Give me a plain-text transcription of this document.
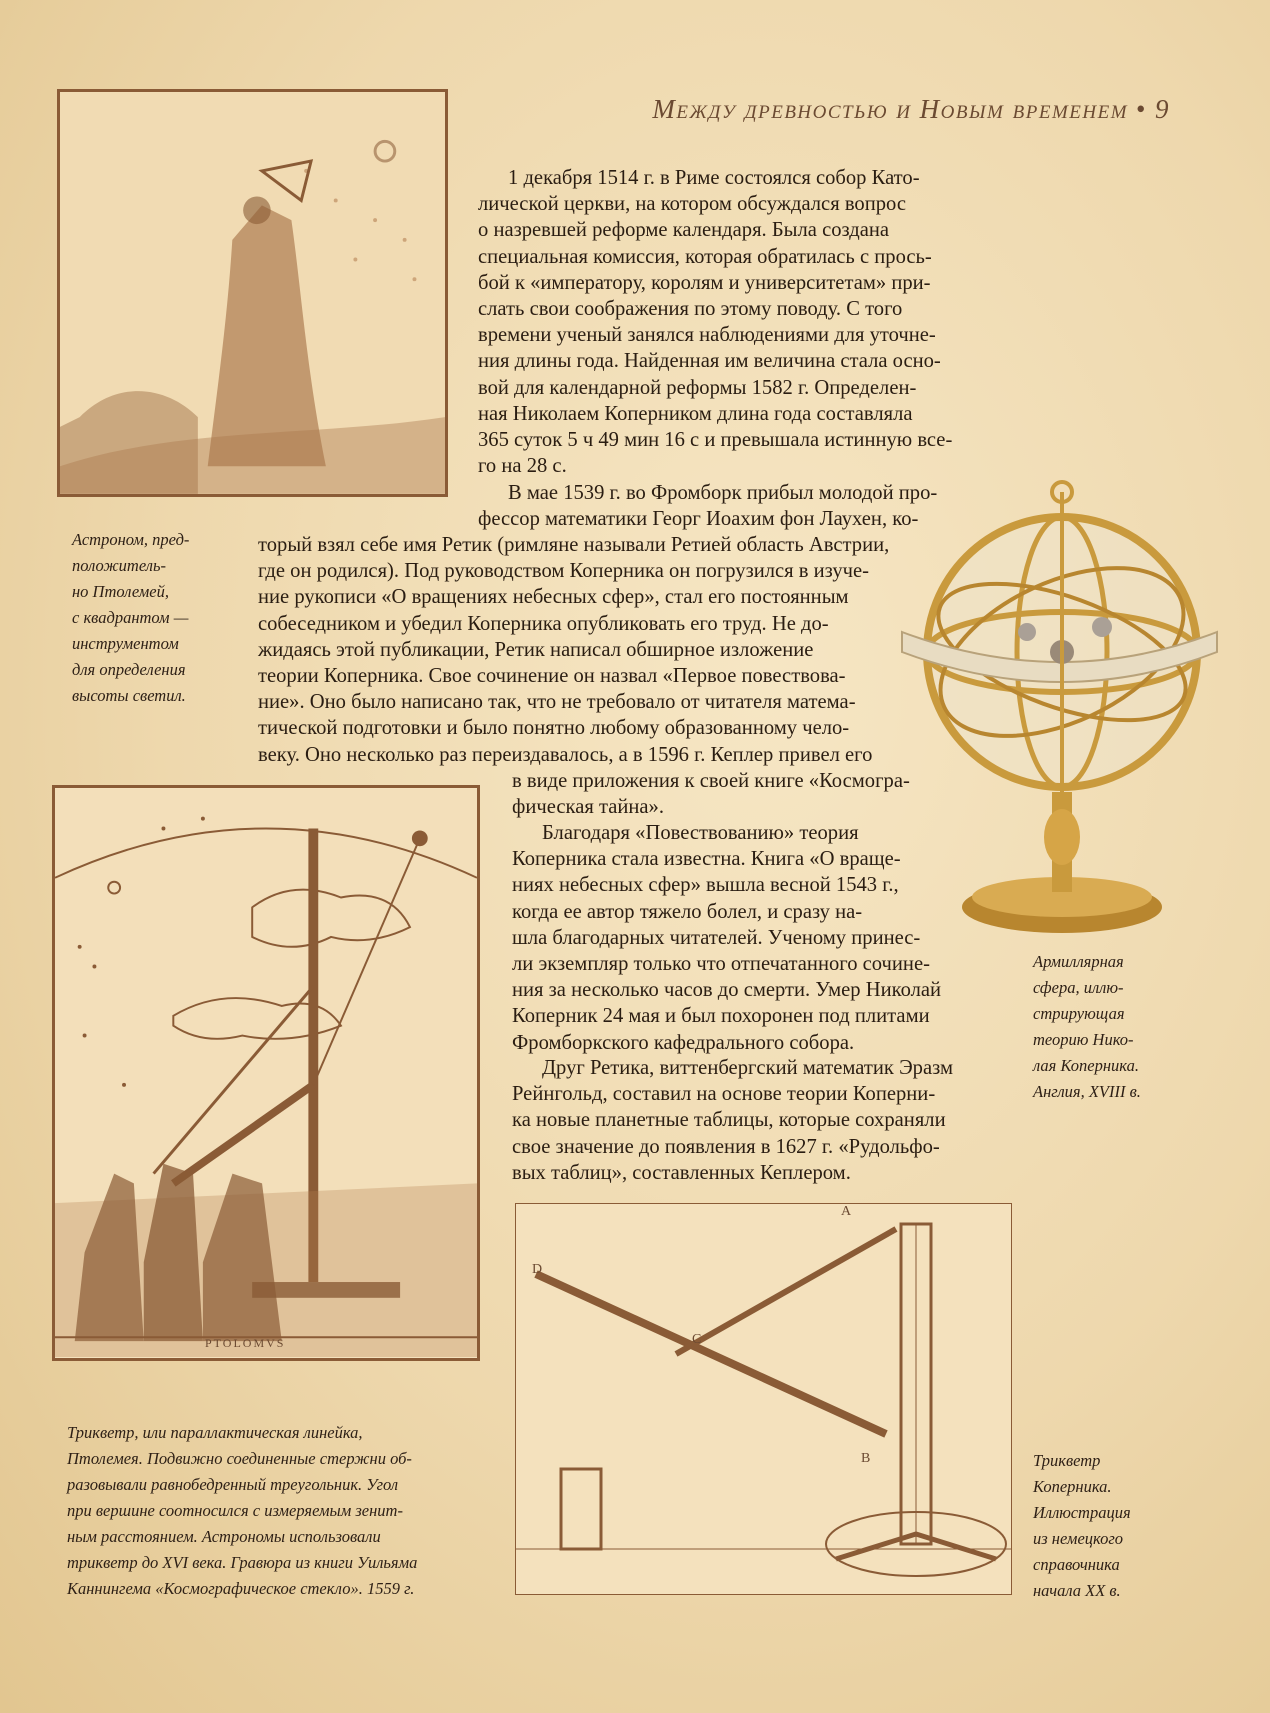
Между древностью и Новым временем • 9
Астроном, пред-
положитель-
но Птолемей,
с квадрантом —
инструментом
для определения
высоты светил.
Армиллярная
сфера, иллю-
стрирующая
теорию Нико-
лая Коперника.
Англия, XVIII в.
PTOLOMVS
Трикветр, или параллактическая линейка,
Птолемея. Подвижно соединенные стержни об-
разовывали равнобедренный треугольник. Угол
при вершине соотносился с измеряемым зенит-
ным расстоянием. Астрономы использовали
трикветр до XVI века. Гравюра из книги Уильяма
Каннингема «Космографическое стекло». 1559 г.
A
D
C
B	Трикветр
Коперника.
Иллюстрация
из немецкого
справочника
начала XX в.
1 декабря 1514 г. в Риме состоялся собор Като-
лической церкви, на котором обсуждался вопрос
о назревшей реформе календаря. Была создана
специальная комиссия, которая обратилась с прось-
бой к «императору, королям и университетам» при-
слать свои соображения по этому поводу. С того
времени ученый занялся наблюдениями для уточне-
ния длины года. Найденная им величина стала осно-
вой для календарной реформы 1582 г. Определен-
ная Николаем Коперником длина года составляла
365 суток 5 ч 49 мин 16 с и превышала истинную все-
го на 28 с.
В мае 1539 г. во Фромборк прибыл молодой про-
фессор математики Георг Иоахим фон Лаухен, ко-
торый взял себе имя Ретик (римляне называли Ретией область Австрии,
где он родился). Под руководством Коперника он погрузился в изуче-
ние рукописи «О вращениях небесных сфер», стал его постоянным
собеседником и убедил Коперника опубликовать его труд. Не до-
жидаясь этой публикации, Ретик написал обширное изложение
теории Коперника. Свое сочинение он назвал «Первое повествова-
ние». Оно было написано так, что не требовало от читателя матема-
тической подготовки и было понятно любому образованному чело-
веку. Оно несколько раз переиздавалось, а в 1596 г. Кеплер привел его
в виде приложения к своей книге «Космогра-
фическая тайна».
Благодаря «Повествованию» теория
Коперника стала известна. Книга «О враще-
ниях небесных сфер» вышла весной 1543 г.,
когда ее автор тяжело болел, и сразу на-
шла благодарных читателей. Ученому принес-
ли экземпляр только что отпечатанного сочине-
ния за несколько часов до смерти. Умер Николай
Коперник 24 мая и был похоронен под плитами
Фромборкского кафедрального собора.
Друг Ретика, виттенбергский математик Эразм
Рейнгольд, составил на основе теории Коперни-
ка новые планетные таблицы, которые сохраняли
свое значение до появления в 1627 г. «Рудольфо-
вых таблиц», составленных Кеплером.
